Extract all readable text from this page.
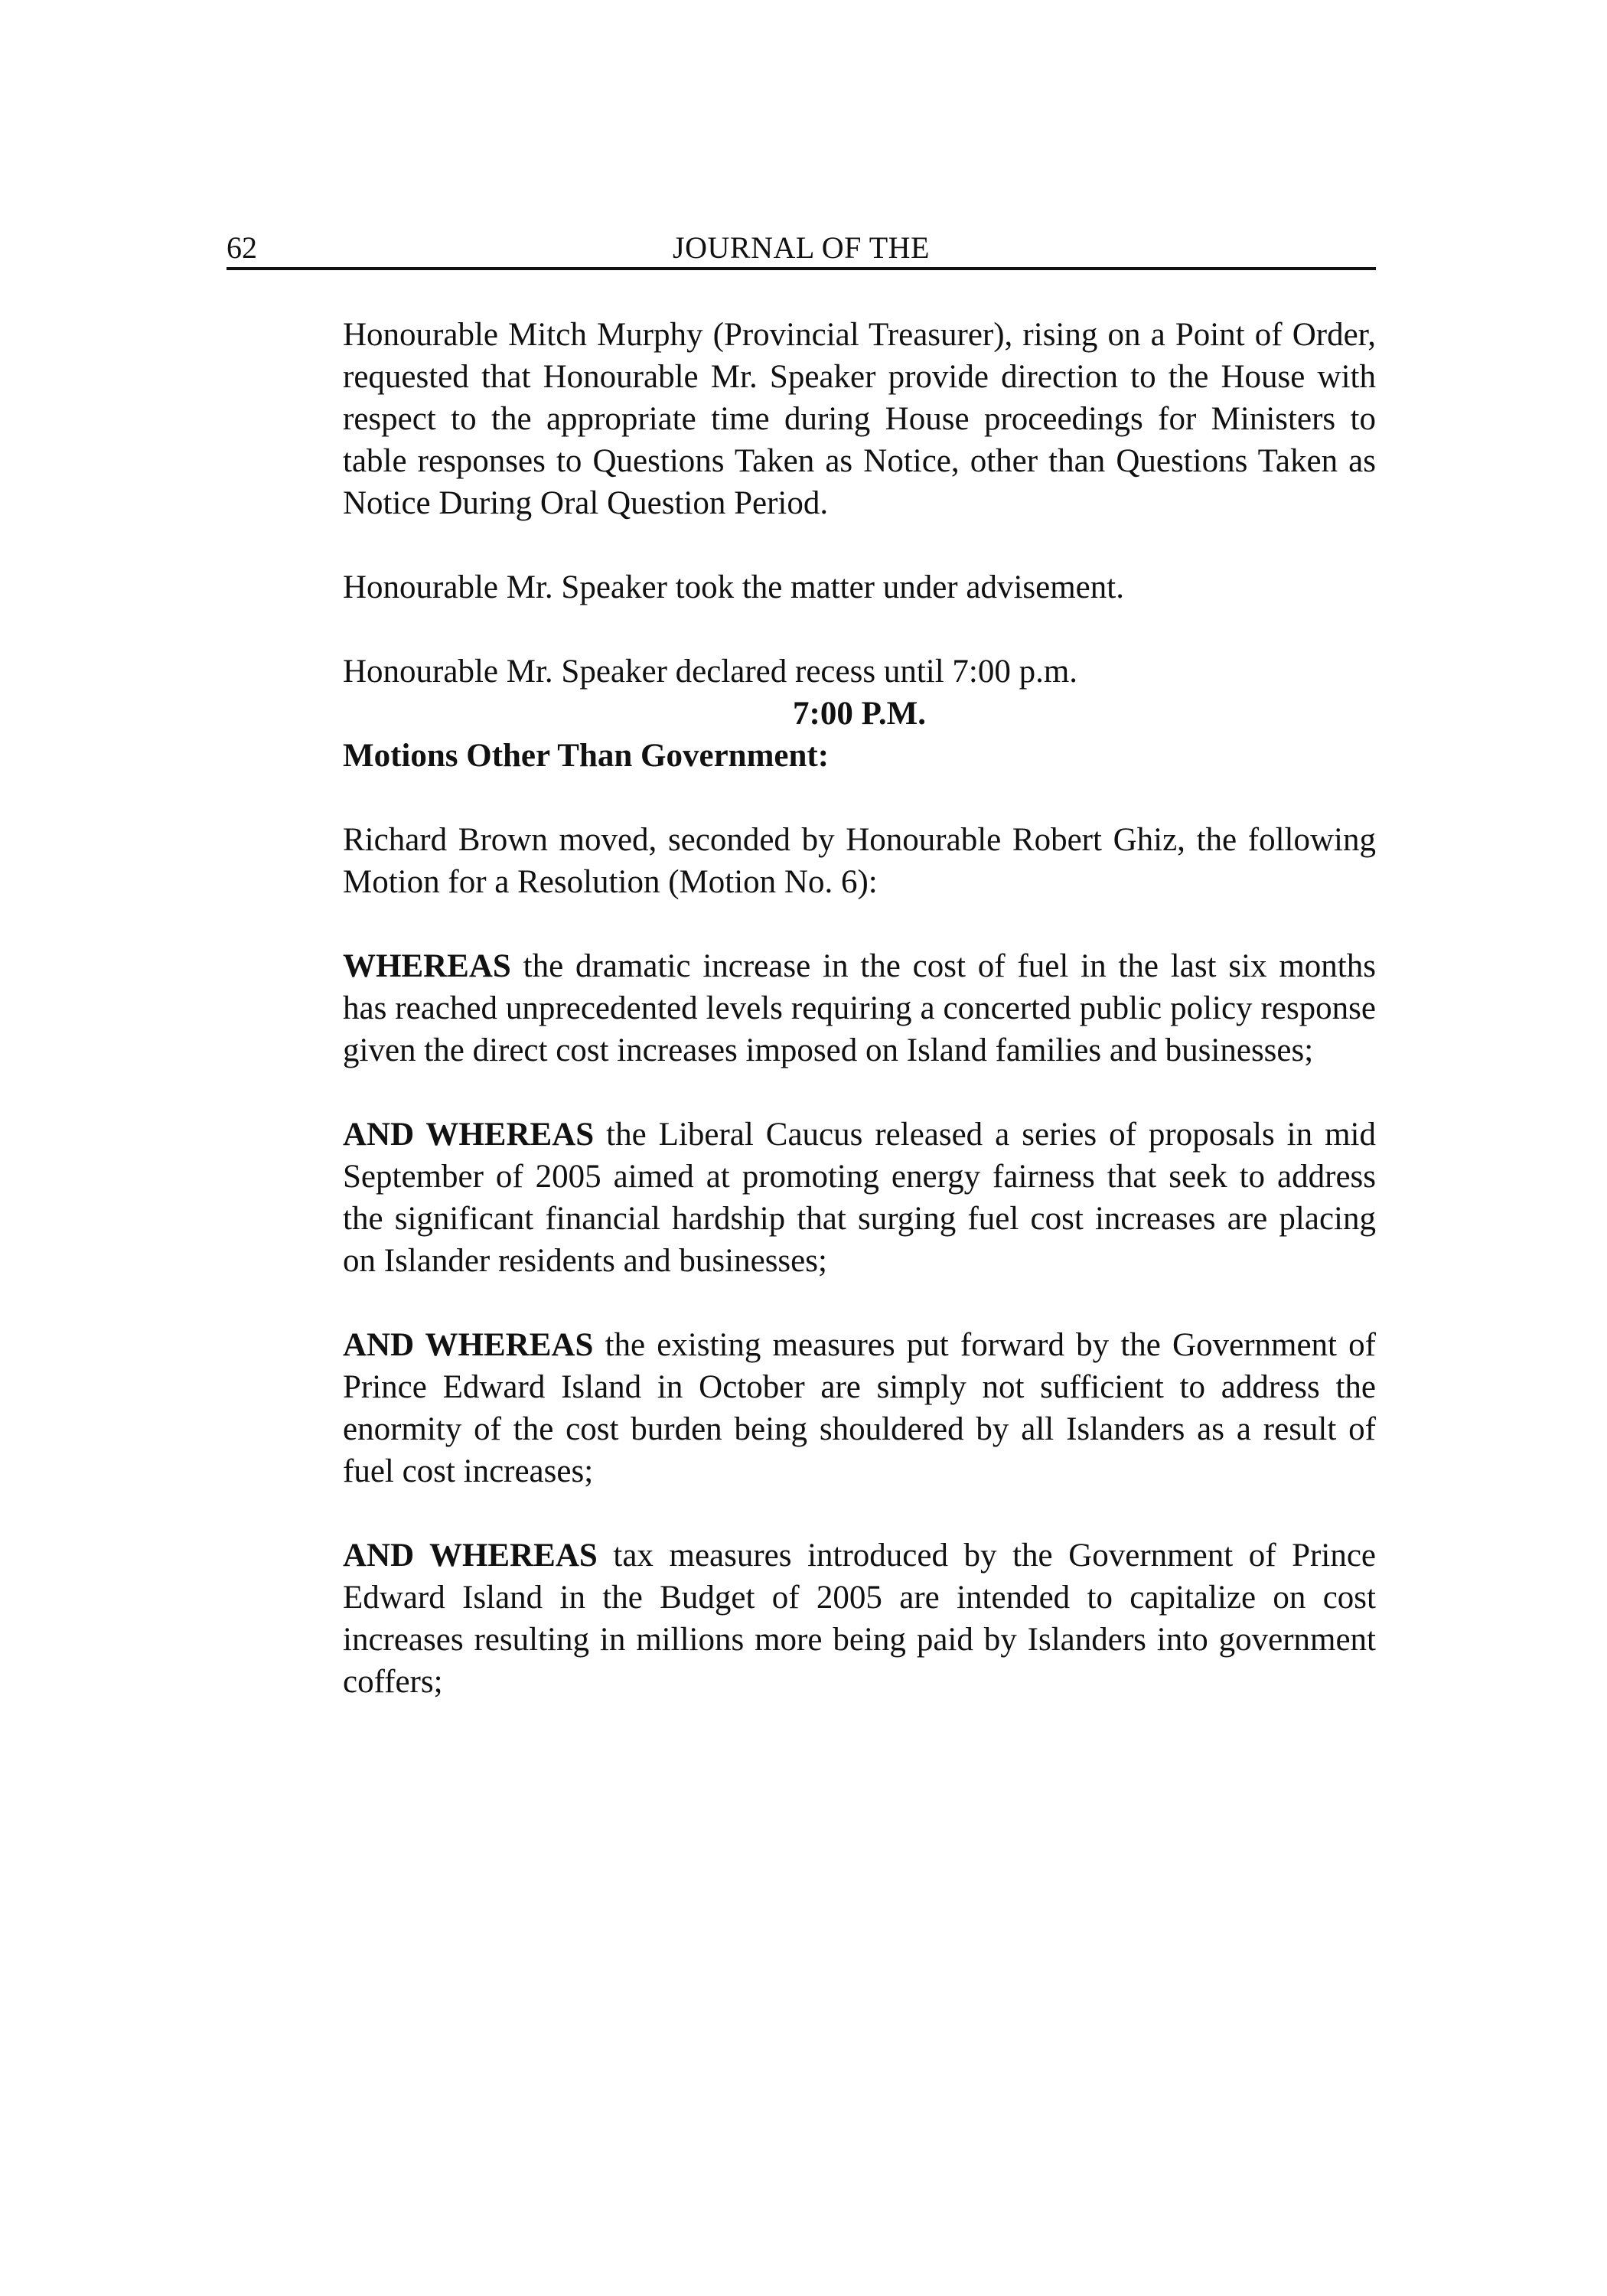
62	JOURNAL OF THE

Honourable Mitch Murphy (Provincial Treasurer), rising on a Point of Order, requested that Honourable Mr. Speaker provide direction to the House with respect to the appropriate time during House proceedings for Ministers to table responses to Questions Taken as Notice, other than Questions Taken as Notice During Oral Question Period.

Honourable Mr. Speaker took the matter under advisement.

Honourable Mr. Speaker declared recess until 7:00 p.m.

7:00 P.M.

Motions Other Than Government:

Richard Brown moved, seconded by Honourable Robert Ghiz, the following Motion for a Resolution (Motion No. 6):

WHEREAS the dramatic increase in the cost of fuel in the last six months has reached unprecedented levels requiring a concerted public policy response given the direct cost increases imposed on Island families and businesses;

AND WHEREAS the Liberal Caucus released a series of proposals in mid September of 2005 aimed at promoting energy fairness that seek to address the significant financial hardship that surging fuel cost increases are placing on Islander residents and businesses;

AND WHEREAS the existing measures put forward by the Government of Prince Edward Island in October are simply not sufficient to address the enormity of the cost burden being shouldered by all Islanders as a result of fuel cost increases;

AND WHEREAS tax measures introduced by the Government of Prince Edward Island in the Budget of 2005 are intended to capitalize on cost increases resulting in millions more being paid by Islanders into government coffers;
